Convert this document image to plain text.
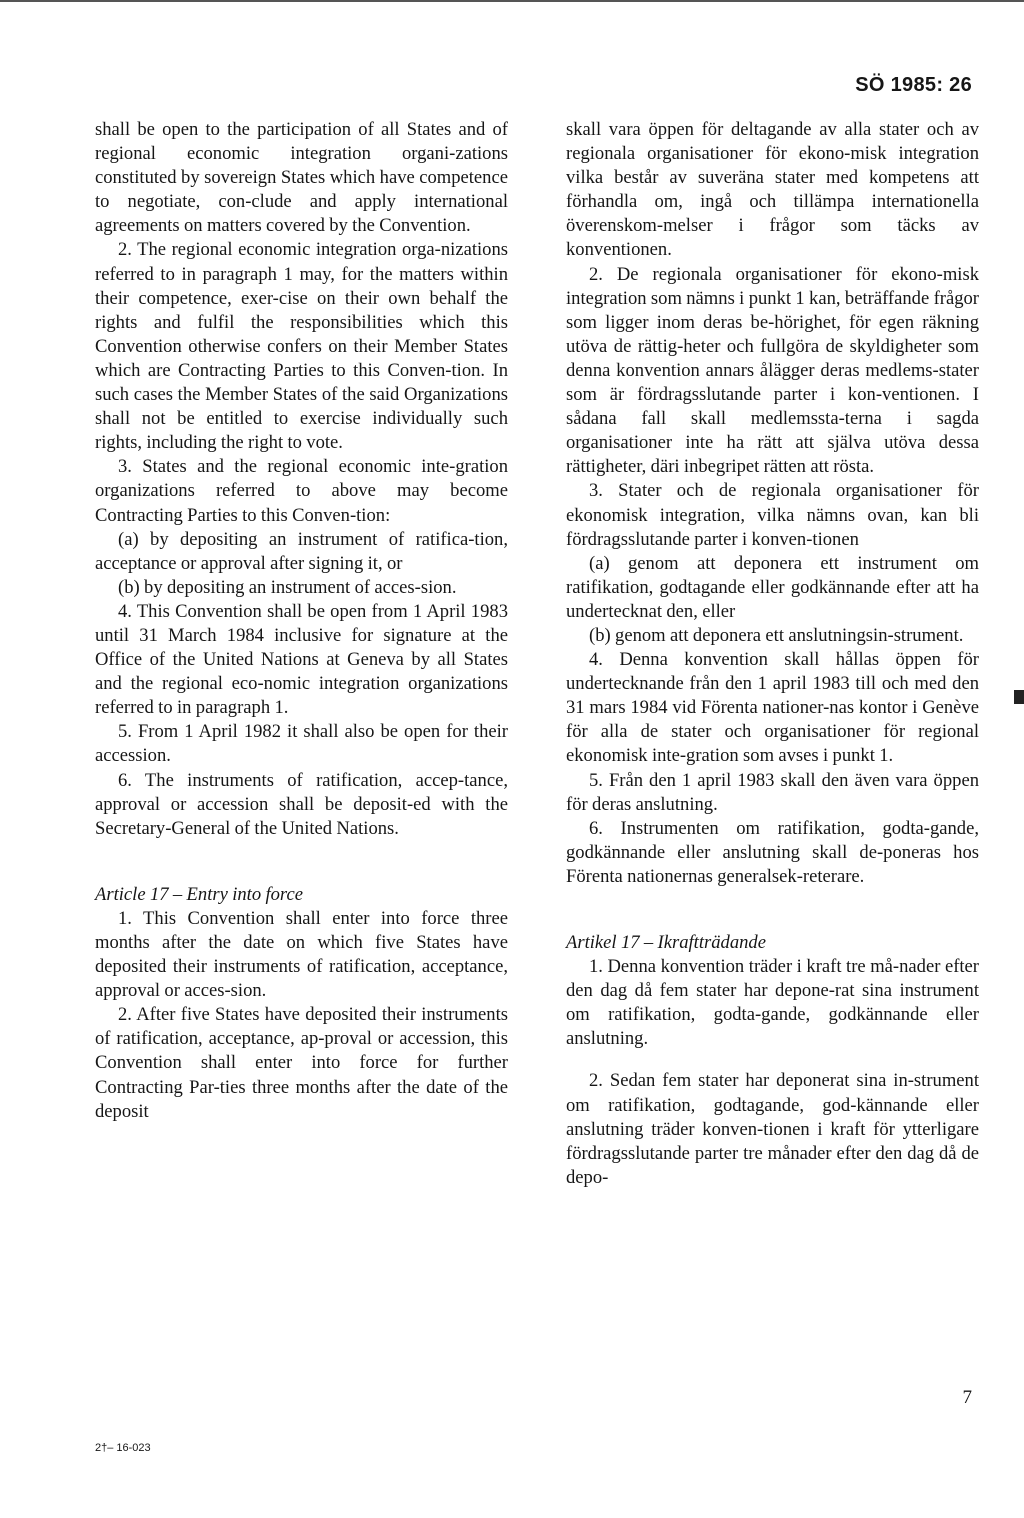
SÖ 1985: 26

shall be open to the participation of all States and of regional economic integration organi-zations constituted by sovereign States which have competence to negotiate, con-clude and apply international agreements on matters covered by the Convention.

2. The regional economic integration orga-nizations referred to in paragraph 1 may, for the matters within their competence, exer-cise on their own behalf the rights and fulfil the responsibilities which this Convention otherwise confers on their Member States which are Contracting Parties to this Conven-tion. In such cases the Member States of the said Organizations shall not be entitled to exercise individually such rights, including the right to vote.

3. States and the regional economic inte-gration organizations referred to above may become Contracting Parties to this Conven-tion:

(a) by depositing an instrument of ratifica-tion, acceptance or approval after signing it, or

(b) by depositing an instrument of acces-sion.

4. This Convention shall be open from 1 April 1983 until 31 March 1984 inclusive for signature at the Office of the United Nations at Geneva by all States and the regional eco-nomic integration organizations referred to in paragraph 1.

5. From 1 April 1982 it shall also be open for their accession.

6. The instruments of ratification, accep-tance, approval or accession shall be deposit-ed with the Secretary-General of the United Nations.

Article 17 – Entry into force

1. This Convention shall enter into force three months after the date on which five States have deposited their instruments of ratification, acceptance, approval or acces-sion.

2. After five States have deposited their instruments of ratification, acceptance, ap-proval or accession, this Convention shall enter into force for further Contracting Par-ties three months after the date of the deposit

skall vara öppen för deltagande av alla stater och av regionala organisationer för ekono-misk integration vilka består av suveräna stater med kompetens att förhandla om, ingå och tillämpa internationella överenskom-melser i frågor som täcks av konventionen.

2. De regionala organisationer för ekono-misk integration som nämns i punkt 1 kan, beträffande frågor som ligger inom deras be-hörighet, för egen räkning utöva de rättig-heter och fullgöra de skyldigheter som denna konvention annars ålägger deras medlems-stater som är fördragsslutande parter i kon-ventionen. I sådana fall skall medlemssta-terna i sagda organisationer inte ha rätt att själva utöva dessa rättigheter, däri inbegripet rätten att rösta.

3. Stater och de regionala organisationer för ekonomisk integration, vilka nämns ovan, kan bli fördragsslutande parter i konven-tionen

(a) genom att deponera ett instrument om ratifikation, godtagande eller godkännande efter att ha undertecknat den, eller

(b) genom att deponera ett anslutningsin-strument.

4. Denna konvention skall hållas öppen för undertecknande från den 1 april 1983 till och med den 31 mars 1984 vid Förenta nationer-nas kontor i Genève för alla de stater och organisationer för regional ekonomisk inte-gration som avses i punkt 1.

5. Från den 1 april 1983 skall den även vara öppen för deras anslutning.

6. Instrumenten om ratifikation, godta-gande, godkännande eller anslutning skall de-poneras hos Förenta nationernas generalsek-reterare.

Artikel 17 – Ikraftträdande

1. Denna konvention träder i kraft tre må-nader efter den dag då fem stater har depone-rat sina instrument om ratifikation, godta-gande, godkännande eller anslutning.

2. Sedan fem stater har deponerat sina in-strument om ratifikation, godtagande, god-kännande eller anslutning träder konven-tionen i kraft för ytterligare fördragsslutande parter tre månader efter den dag då de depo-

7
2†– 16-023
